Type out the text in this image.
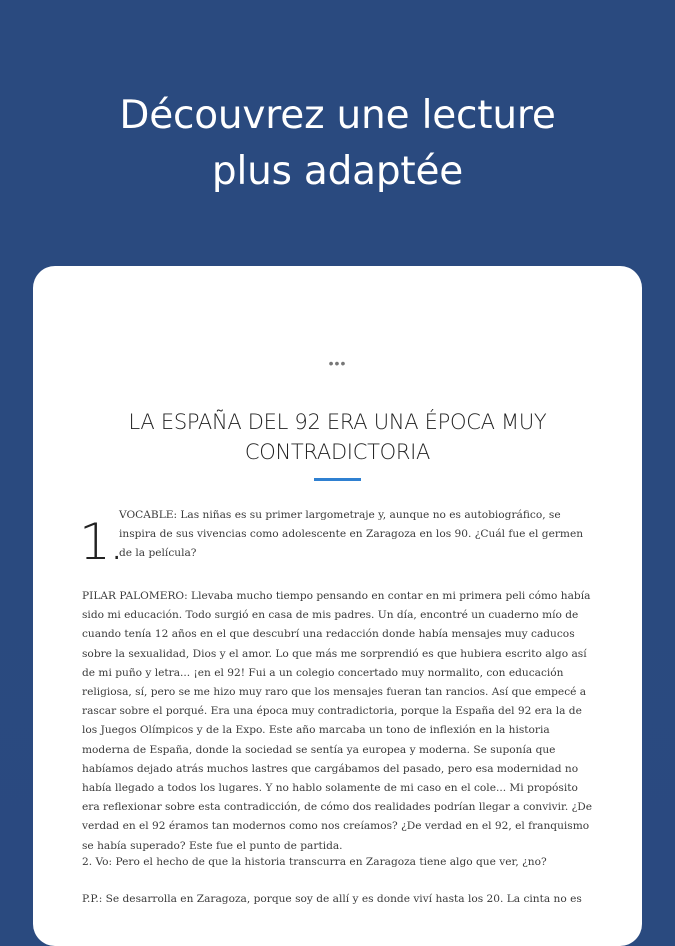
Découvrez une lecture
plus adaptée
•••
LA ESPAÑA DEL 92 ERA UNA ÉPOCA MUY
CONTRADICTORIA
1.

VOCABLE: Las niñas es su primer largometraje y, aunque no es autobiográfico, se inspira de sus vivencias como adolescente en Zaragoza en los 90. ¿Cuál fue el germen de la película?

PILAR PALOMERO: Llevaba mucho tiempo pensando en contar en mi primera peli cómo había sido mi educación. Todo surgió en casa de mis padres. Un día, encontré un cuaderno mío de cuando tenía 12 años en el que descubrí una redacción donde había mensajes muy caducos sobre la sexualidad, Dios y el amor. Lo que más me sorprendió es que hubiera escrito algo así de mi puño y letra... ¡en el 92! Fui a un colegio concertado muy normalito, con educación religiosa, sí, pero se me hizo muy raro que los mensajes fueran tan rancios. Así que empecé a rascar sobre el porqué. Era una época muy contradictoria, porque la España del 92 era la de los Juegos Olímpicos y de la Expo. Este año marcaba un tono de inflexión en la historia moderna de España, donde la sociedad se sentía ya europea y moderna. Se suponía que habíamos dejado atrás muchos lastres que cargábamos del pasado, pero esa modernidad no había llegado a todos los lugares. Y no hablo solamente de mi caso en el cole... Mi propósito era reflexionar sobre esta contradicción, de cómo dos realidades podrían llegar a convivir. ¿De verdad en el 92 éramos tan modernos como nos creíamos? ¿De verdad en el 92, el franquismo se había superado? Este fue el punto de partida.

2. Vo: Pero el hecho de que la historia transcurra en Zaragoza tiene algo que ver, ¿no?

P.P.: Se desarrolla en Zaragoza, porque soy de allí y es donde viví hasta los 20. La cinta no es
